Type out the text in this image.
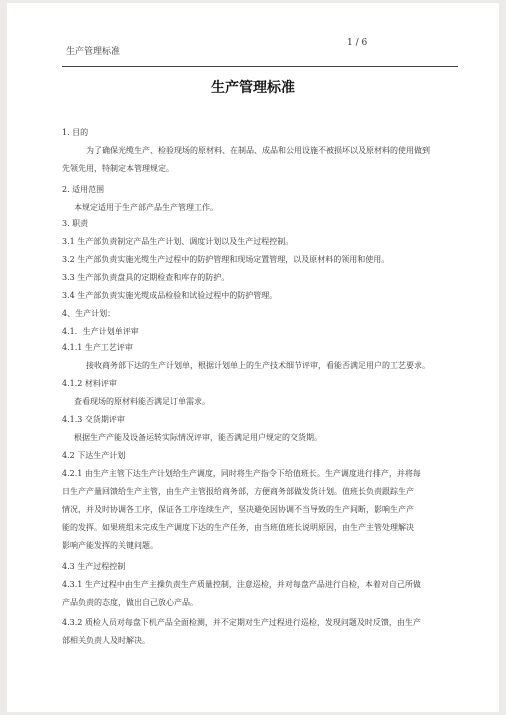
生产管理标准
1 / 6
生产管理标准
1. 目的
为了确保光缆生产、检验现场的原材料、在制品、成品和公用设施不被损坏以及原材料的使用做到
先领先用，特制定本管理规定。
2. 适用范围
本规定适用于生产部产品生产管理工作。
3. 职责
3.1 生产部负责制定产品生产计划、调度计划以及生产过程控制。
3.2 生产部负责实施光缆生产过程中的防护管理和现场定置管理，以及原材料的领用和使用。
3.3 生产部负责盘具的定期检查和库存的防护。
3.4 生产部负责实施光缆成品检验和试验过程中的防护管理。
4、生产计划：
4.1．生产计划单评审
4.1.1 生产工艺评审
接收商务部下达的生产计划单，根据计划单上的生产技术细节评审，看能否满足用户的工艺要求。
4.1.2 材料评审
查看现场的原材料能否满足订单需求。
4.1.3 交货期评审
根据生产产能及设备运转实际情况评审，能否满足用户规定的交货期。
4.2 下达生产计划
4.2.1 由生产主管下达生产计划给生产调度，同时将生产指令下给值班长。生产调度进行排产，并将每
日生产产量回馈给生产主管，由生产主管报给商务部，方便商务部做发货计划。值班长负责跟踪生产
情况，并及时协调各工序，保证各工序连续生产，坚决避免因协调不当导致的生产间断，影响生产产
能的发挥。如果班组未完成生产调度下达的生产任务，由当班值班长说明原因，由生产主管处理解决
影响产能发挥的关键问题。
4.3 生产过程控制
4.3.1 生产过程中由生产主操负责生产质量控制，注意巡检，并对每盘产品进行自检，本着对自己所做
产品负责的态度，做出自己放心产品。
4.3.2 质检人员对每盘下机产品全面检测，并不定期对生产过程进行巡检，发现问题及时反馈，由生产
部相关负责人及时解决。
